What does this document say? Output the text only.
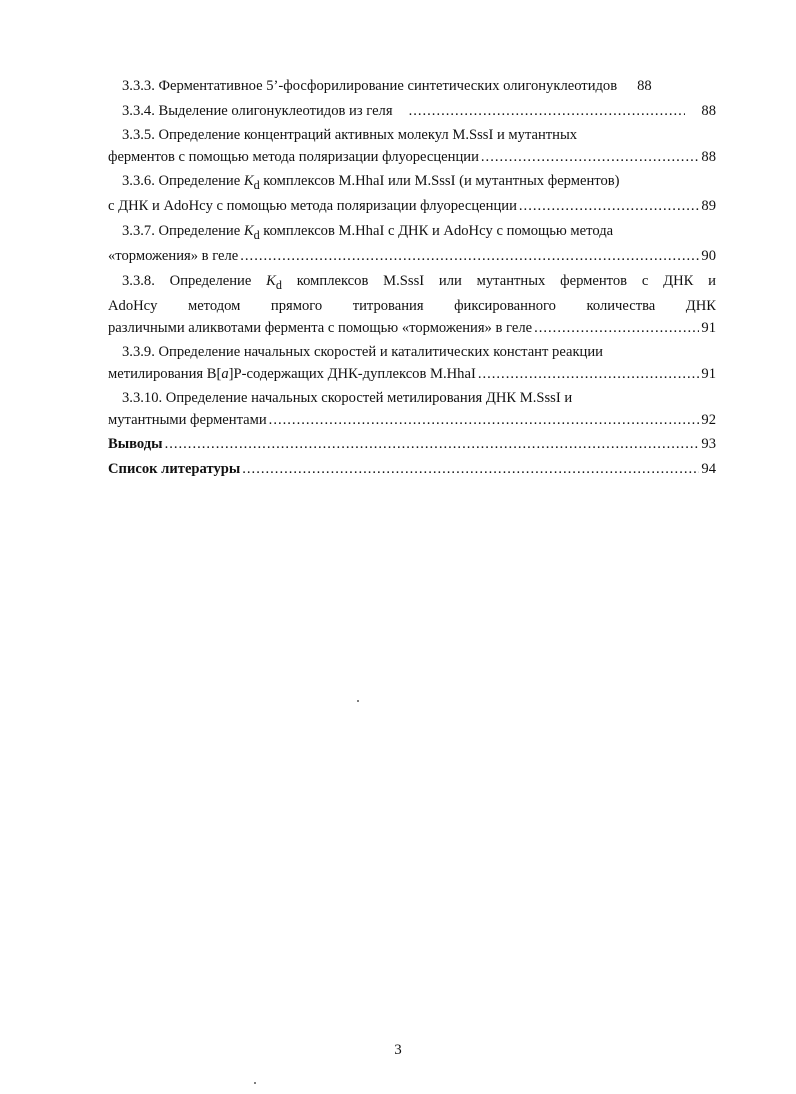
3.3.3. Ферментативное 5’-фосфорилирование синтетических олигонуклеотидов	88
3.3.4. Выделение олигонуклеотидов из геля .....	88
3.3.5. Определение концентраций активных молекул M.SssI и мутантных
ферментов с помощью метода поляризации флуоресценции .....	88
3.3.6. Определение $K_d$ комплексов M.HhaI или M.SssI (и мутантных ферментов)
с ДНК и AdoHcy с помощью метода поляризации флуоресценции .....	89
3.3.7. Определение $K_d$ комплексов M.HhaI с ДНК и AdoHcy с помощью метода
«торможения» в геле .....	90
3.3.8. Определение $K_d$ комплексов M.SssI или мутантных ферментов с ДНК и
AdoHcy методом прямого титрования фиксированного количества ДНК
различными аликвотами фермента с помощью «торможения» в геле .....	91
3.3.9. Определение начальных скоростей и каталитических констант реакции
метилирования B[a]P-содержащих ДНК-дуплексов M.HhaI .....	91
3.3.10. Определение начальных скоростей метилирования ДНК M.SssI и
мутантными ферментами .....	92
Выводы .....	93
Список литературы .....	94
3
